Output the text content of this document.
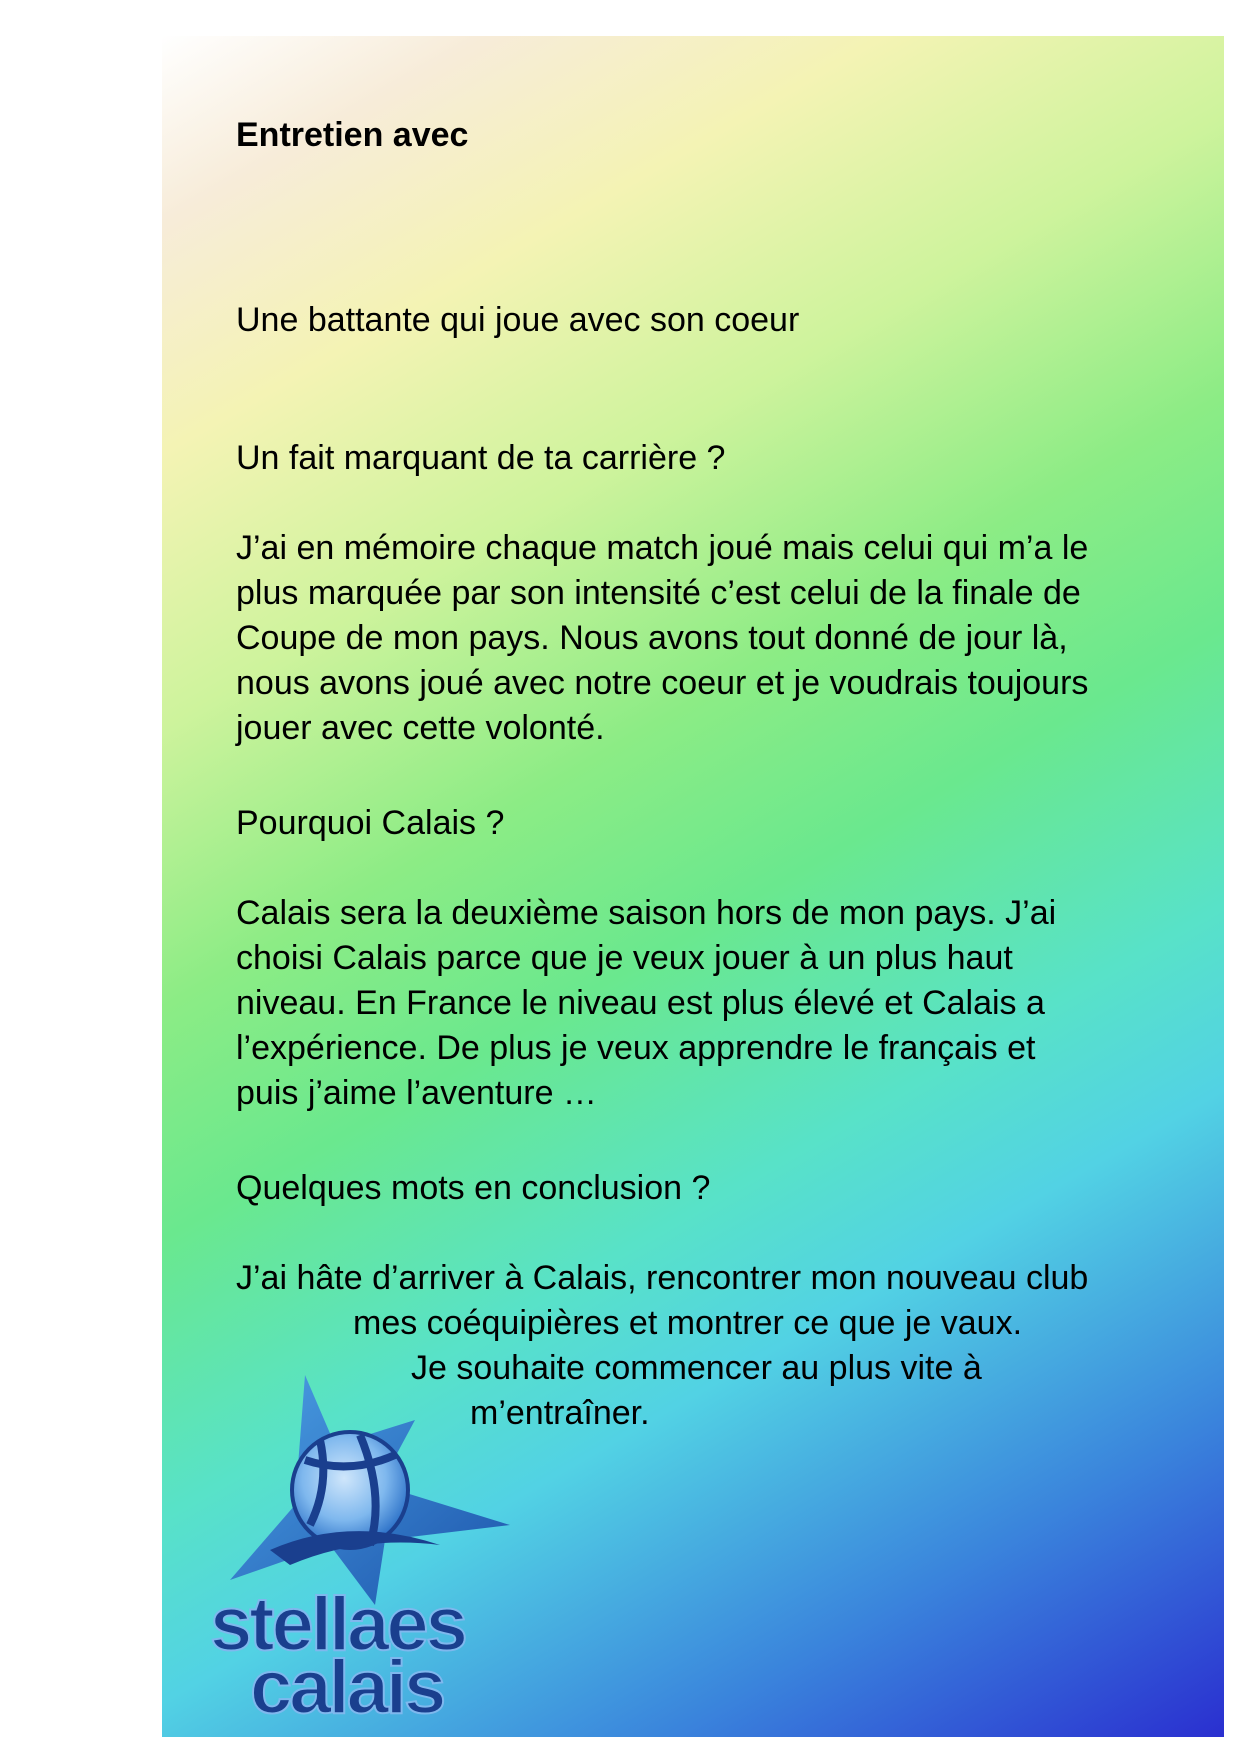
Entretien avec

Une battante qui joue avec son coeur

Un fait marquant de ta carrière ?

J’ai en mémoire chaque match joué mais celui qui m’a le
plus marquée par son intensité c’est celui de la finale de
Coupe de mon pays. Nous avons tout donné de jour là,
nous avons joué avec notre coeur et je voudrais toujours
jouer avec cette volonté.

Pourquoi Calais ?

Calais sera la deuxième saison hors de mon pays. J’ai
choisi Calais parce que je veux jouer à un plus haut
niveau. En France le niveau est plus élevé et Calais a
l’expérience. De plus je veux apprendre le français et
puis j’aime l’aventure …

Quelques mots en conclusion ?

J’ai hâte d’arriver à Calais, rencontrer mon nouveau club
mes coéquipières et montrer ce que je vaux.
Je souhaite commencer au plus vite à
m’entraîner.

stellaes
calais
